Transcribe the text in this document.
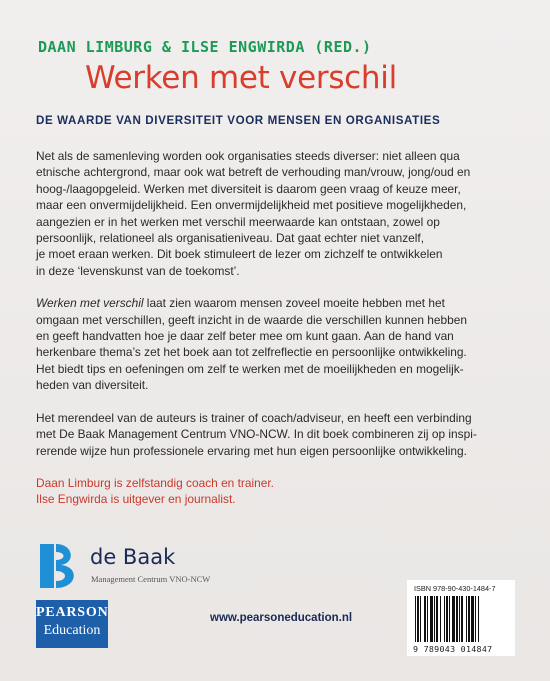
DAAN LIMBURG & ILSE ENGWIRDA (RED.)
Werken met verschil
DE WAARDE VAN DIVERSITEIT VOOR MENSEN EN ORGANISATIES
Net als de samenleving worden ook organisaties steeds diverser: niet alleen qua
etnische achtergrond, maar ook wat betreft de verhouding man/vrouw, jong/oud en
hoog-/laagopgeleid. Werken met diversiteit is daarom geen vraag of keuze meer,
maar een onvermijdelijkheid. Een onvermijdelijkheid met positieve mogelijkheden,
aangezien er in het werken met verschil meerwaarde kan ontstaan, zowel op
persoonlijk, relationeel als organisatieniveau. Dat gaat echter niet vanzelf,
je moet eraan werken. Dit boek stimuleert de lezer om zichzelf te ontwikkelen
in deze ‘levenskunst van de toekomst’.
Werken met verschil laat zien waarom mensen zoveel moeite hebben met het
omgaan met verschillen, geeft inzicht in de waarde die verschillen kunnen hebben
en geeft handvatten hoe je daar zelf beter mee om kunt gaan. Aan de hand van
herkenbare thema’s zet het boek aan tot zelfreflectie en persoonlijke ontwikkeling.
Het biedt tips en oefeningen om zelf te werken met de moeilijkheden en mogelijk-
heden van diversiteit.
Het merendeel van de auteurs is trainer of coach/adviseur, en heeft een verbinding
met De Baak Management Centrum VNO-NCW. In dit boek combineren zij op inspi-
rerende wijze hun professionele ervaring met hun eigen persoonlijke ontwikkeling.
Daan Limburg is zelfstandig coach en trainer.
Ilse Engwirda is uitgever en journalist.
de Baak
Management Centrum VNO-NCW
PEARSON
Education
www.pearsoneducation.nl
ISBN 978-90-430-1484-7
9 789043 014847
